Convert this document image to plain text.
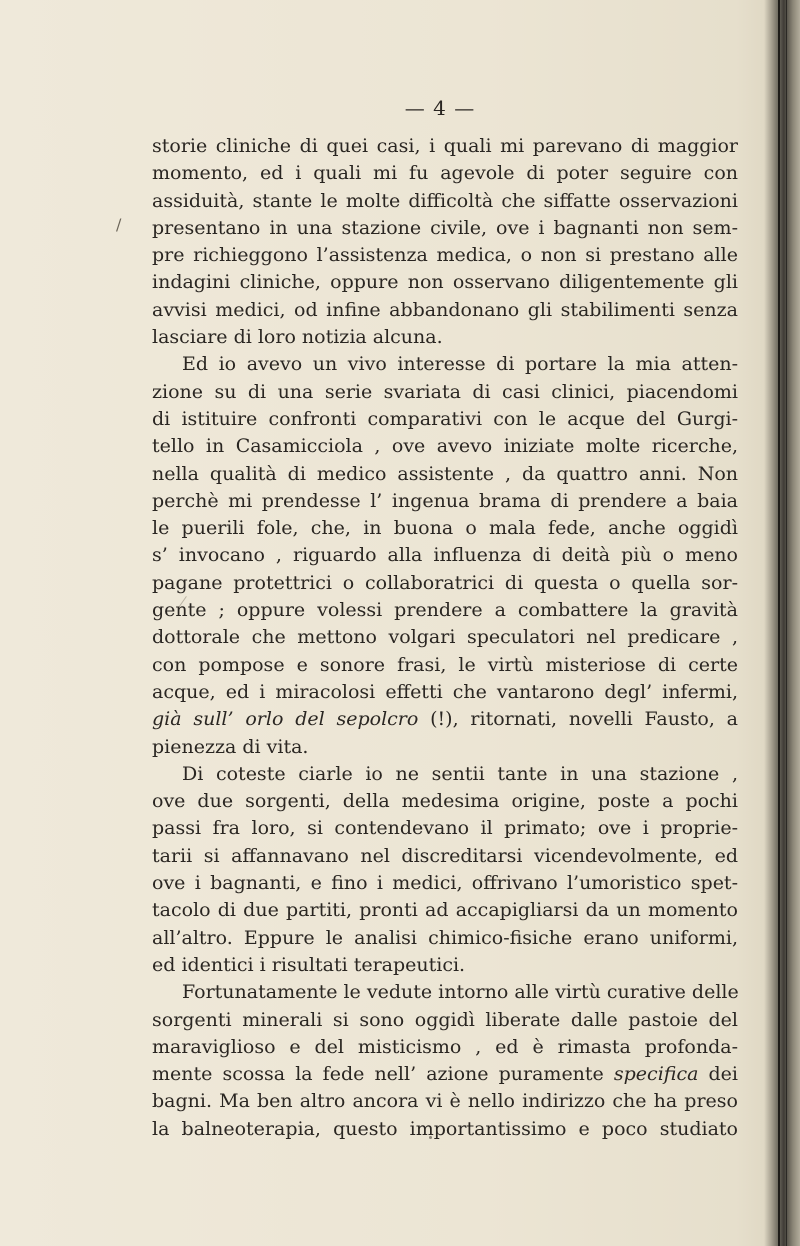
— 4 —
/
storie cliniche di quei casi, i quali mi parevano di maggior
momento, ed i quali mi fu agevole di poter seguire con
assiduità, stante le molte difficoltà che siffatte osservazioni
presentano in una stazione civile, ove i bagnanti non sem-
pre richieggono l’assistenza medica, o non si prestano alle
indagini cliniche, oppure non osservano diligentemente gli
avvisi medici, od infine abbandonano gli stabilimenti senza
lasciare di loro notizia alcuna.
Ed io avevo un vivo interesse di portare la mia atten-
zione su di una serie svariata di casi clinici, piacendomi
di istituire confronti comparativi con le acque del Gurgi-
tello in Casamicciola , ove avevo iniziate molte ricerche,
nella qualità di medico assistente , da quattro anni. Non
perchè mi prendesse l’ ingenua brama di prendere a baia
le puerili fole, che, in buona o mala fede, anche oggidì
s’ invocano , riguardo alla influenza di deità più o meno
pagane protettrici o collaboratrici di questa o quella sor-
gente ; oppure volessi prendere a combattere la gravità
dottorale che mettono volgari speculatori nel predicare ,
con pompose e sonore frasi, le virtù misteriose di certe
acque, ed i miracolosi effetti che vantarono degl’ infermi,
già sull’ orlo del sepolcro (!), ritornati, novelli Fausto, a
pienezza di vita.
Di coteste ciarle io ne sentii tante in una stazione ,
ove due sorgenti, della medesima origine, poste a pochi
passi fra loro, si contendevano il primato; ove i proprie-
tarii si affannavano nel discreditarsi vicendevolmente, ed
ove i bagnanti, e fino i medici, offrivano l’umoristico spet-
tacolo di due partiti, pronti ad accapigliarsi da un momento
all’altro. Eppure le analisi chimico-fisiche erano uniformi,
ed identici i risultati terapeutici.
Fortunatamente le vedute intorno alle virtù curative delle
sorgenti minerali si sono oggidì liberate dalle pastoie del
maraviglioso e del misticismo , ed è rimasta profonda-
mente scossa la fede nell’ azione puramente specifica dei
bagni. Ma ben altro ancora vi è nello indirizzo che ha preso
la balneoterapia, questo importantissimo e poco studiato
